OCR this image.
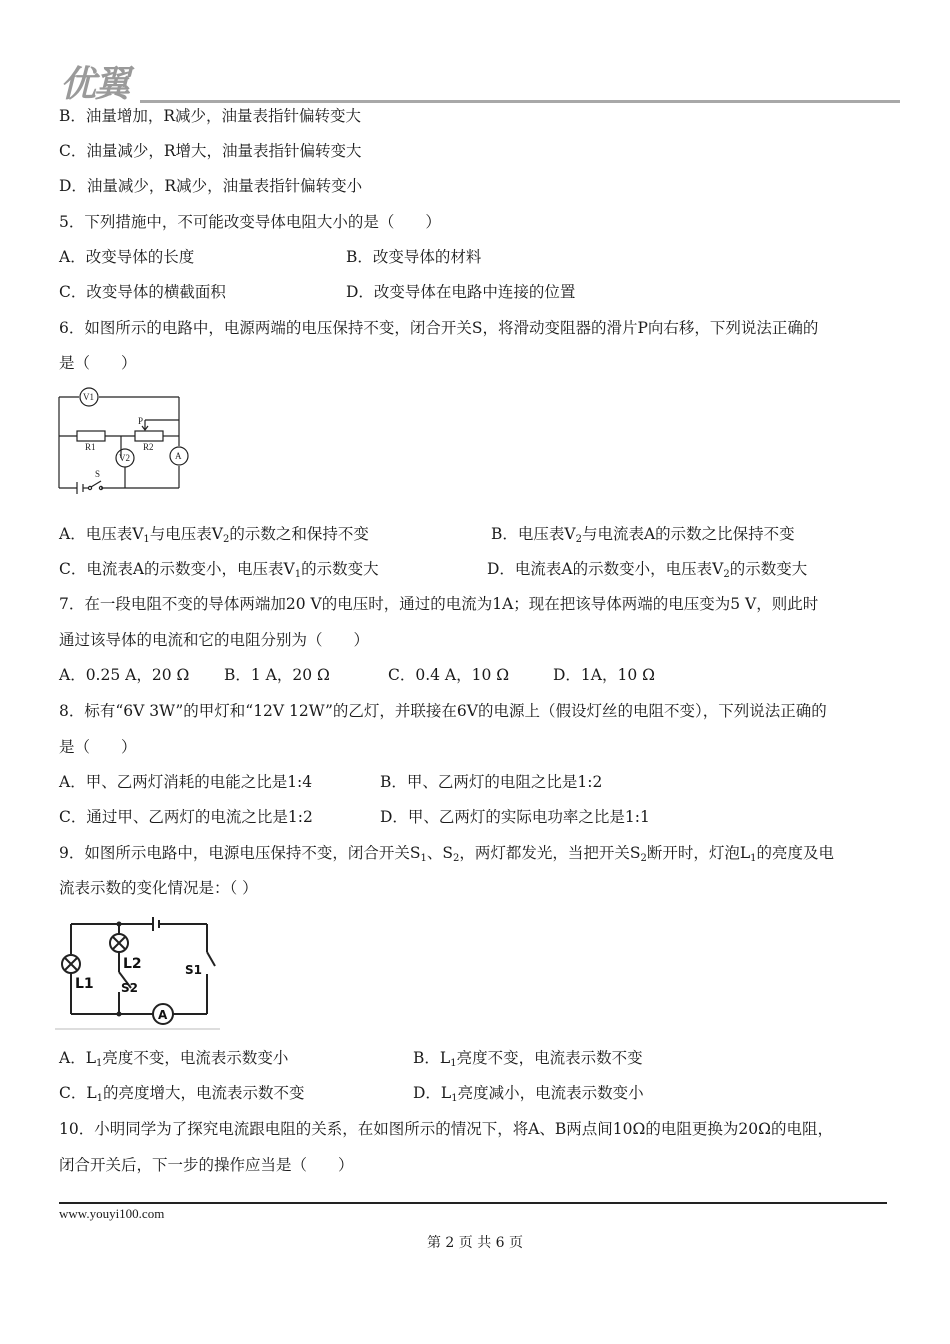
优翼
B．油量增加，R减少，油量表指针偏转变大
C．油量减少，R增大，油量表指针偏转变大
D．油量减少，R减少，油量表指针偏转变小
5．下列措施中，不可能改变导体电阻大小的是（　　）
A．改变导体的长度	B．改变导体的材料
C．改变导体的横截面积	D．改变导体在电路中连接的位置
6．如图所示的电路中，电源两端的电压保持不变，闭合开关S，将滑动变阻器的滑片P向右移，下列说法正确的
是（　　）
V1
V2	A
P
R1	R2
S
A．电压表$V_1$与电压表$V_2$的示数之和保持不变	B．电压表$V_2$与电流表A的示数之比保持不变
C．电流表A的示数变小，电压表$V_1$的示数变大	D．电流表A的示数变小，电压表$V_2$的示数变大
7．在一段电阻不变的导体两端加20 V的电压时，通过的电流为1A；现在把该导体两端的电压变为5 V，则此时
通过该导体的电流和它的电阻分别为（　　）
A．0.25 A，20 Ω B．1 A，20 Ω	C．0.4 A，10 Ω	D．1A，10 Ω
8．标有“6V 3W”的甲灯和“12V 12W”的乙灯，并联接在6V的电源上（假设灯丝的电阻不变），下列说法正确的
是（　　）
A．甲、乙两灯消耗的电能之比是1:4	B．甲、乙两灯的电阻之比是1:2
C．通过甲、乙两灯的电流之比是1:2	D．甲、乙两灯的实际电功率之比是1:1
9．如图所示电路中，电源电压保持不变，闭合开关$S_1$、$S_2$，两灯都发光，当把开关$S_2$断开时，灯泡$L_1$的亮度及电
流表示数的变化情况是：（ ）
L1
L2	S1
S2
A
A．$L_1$亮度不变，电流表示数变小	B．$L_1$亮度不变，电流表示数不变
C．$L_1$的亮度增大，电流表示数不变	D．$L_1$亮度减小，电流表示数变小
10．小明同学为了探究电流跟电阻的关系，在如图所示的情况下，将A、B两点间10Ω的电阻更换为20Ω的电阻，
闭合开关后，下一步的操作应当是（　　）
www.youyi100.com
第 2 页 共 6 页
